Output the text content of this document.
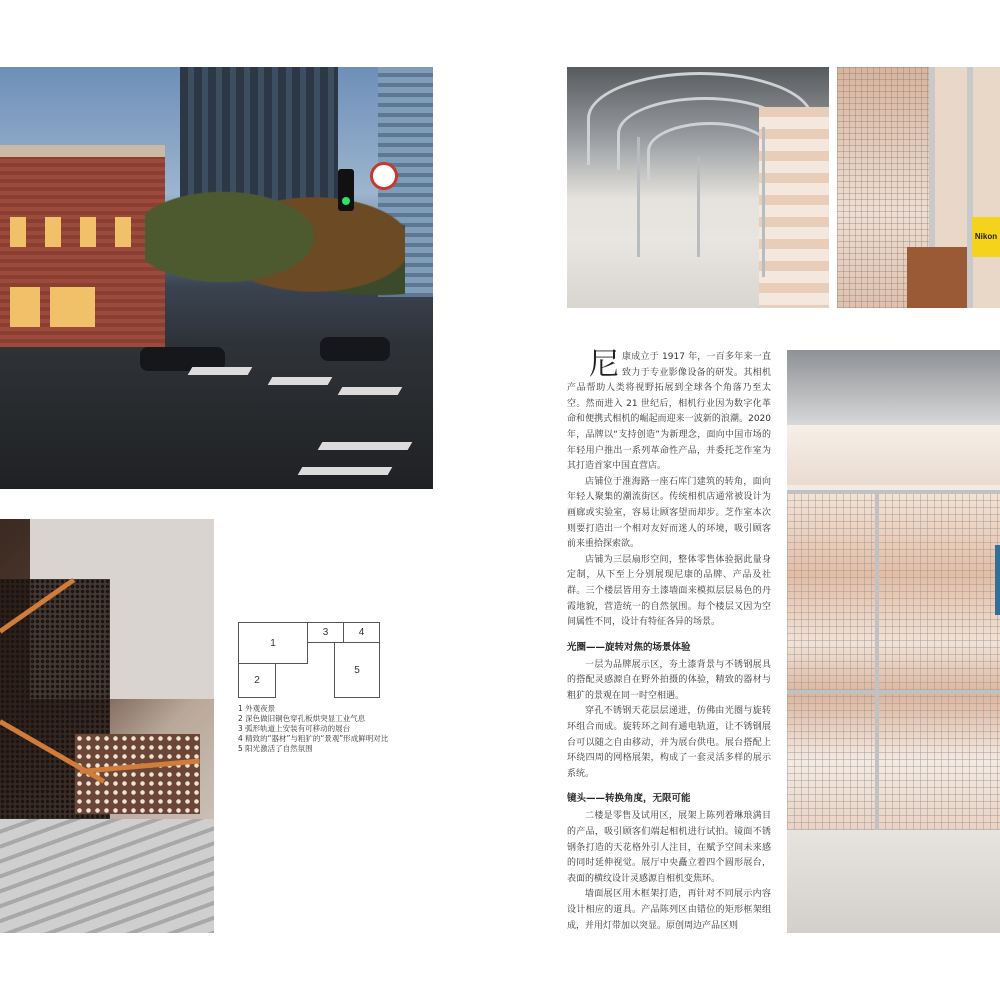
Nikon
1
2
3	4
5
1 外观夜景
2 深色做旧铜色穿孔板烘突显工业气息
3 弧形轨道上安装有可移动的展台
4 精致的“器材”与粗犷的“景观”形成鲜明对比
5 阳光激活了自然氛围

尼康成立于 1917 年，一百多年来一直致力于专业影像设备的研发。其相机产品帮助人类将视野拓展到全球各个角落乃至太空。然而进入 21 世纪后，相机行业因为数字化革命和便携式相机的崛起而迎来一波新的浪潮。2020 年，品牌以“支持创造”为新理念，面向中国市场的年轻用户推出一系列革命性产品，并委托芝作室为其打造首家中国直营店。

店铺位于淮海路一座石库门建筑的转角，面向年轻人聚集的潮流街区。传统相机店通常被设计为画廊或实验室，容易让顾客望而却步。芝作室本次则要打造出一个相对友好而迷人的环境，吸引顾客前来重拾探索欲。

店铺为三层扇形空间，整体零售体验据此量身定制，从下至上分别展现尼康的品牌、产品及社群。三个楼层皆用夯土漆墙面来模拟层层易色的丹霞地貌，营造统一的自然氛围。每个楼层又因为空间属性不同，设计有特征各异的场景。

光圈——旋转对焦的场景体验

一层为品牌展示区，夯土漆背景与不锈钢展具的搭配灵感源自在野外拍摄的体验，精致的器材与粗犷的景观在同一时空相遇。

穿孔不锈钢天花层层递进，仿佛由光圈与旋转环组合而成。旋转环之间有通电轨道，让不锈钢展台可以随之自由移动，并为展台供电。展台搭配上环绕四周的网格展架，构成了一套灵活多样的展示系统。

镜头——转换角度，无限可能

二楼是零售及试用区，展架上陈列着琳琅满目的产品，吸引顾客们端起相机进行试拍。镜面不锈钢条打造的天花格外引人注目，在赋予空间未来感的同时延伸视觉。展厅中央矗立着四个圆形展台，表面的横纹设计灵感源自相机变焦环。

墙面展区用木框架打造，再针对不同展示内容设计相应的道具。产品陈列区由错位的矩形框架组成，并用灯带加以突显。原创周边产品区则
